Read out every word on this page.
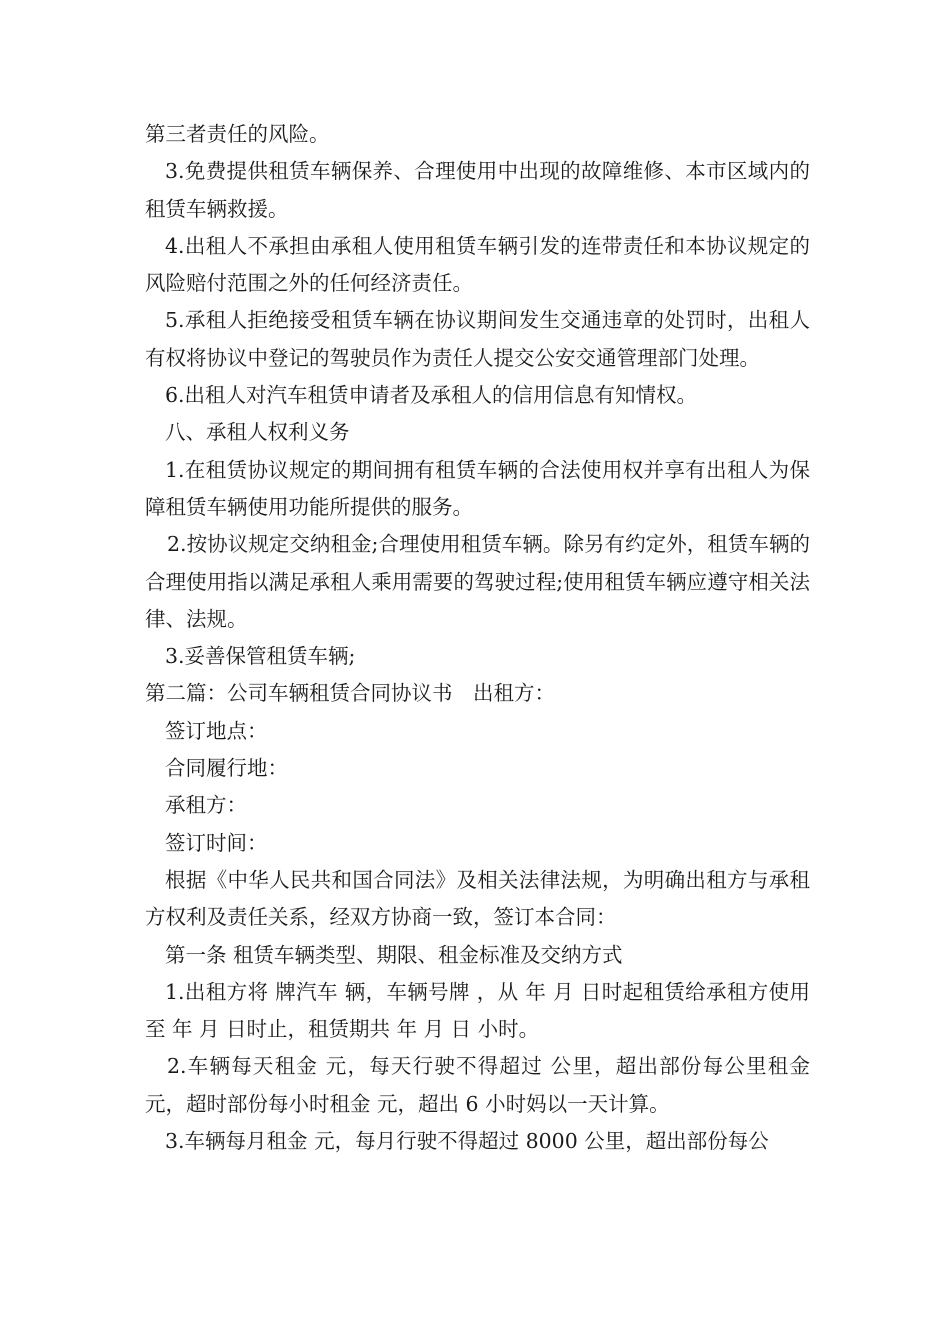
第三者责任的风险。

3.免费提供租赁车辆保养、合理使用中出现的故障维修、本市区域内的租赁车辆救援。

4.出租人不承担由承租人使用租赁车辆引发的连带责任和本协议规定的风险赔付范围之外的任何经济责任。

5.承租人拒绝接受租赁车辆在协议期间发生交通违章的处罚时，出租人有权将协议中登记的驾驶员作为责任人提交公安交通管理部门处理。

6.出租人对汽车租赁申请者及承租人的信用信息有知情权。

八、承租人权利义务

1.在租赁协议规定的期间拥有租赁车辆的合法使用权并享有出租人为保障租赁车辆使用功能所提供的服务。

2.按协议规定交纳租金;合理使用租赁车辆。除另有约定外，租赁车辆的合理使用指以满足承租人乘用需要的驾驶过程;使用租赁车辆应遵守相关法律、法规。

3.妥善保管租赁车辆;

第二篇：公司车辆租赁合同协议书　出租方：

签订地点：

合同履行地：

承租方：

签订时间：

根据《中华人民共和国合同法》及相关法律法规，为明确出租方与承租方权利及责任关系，经双方协商一致，签订本合同：

第一条 租赁车辆类型、期限、租金标准及交纳方式

1.出租方将 牌汽车 辆，车辆号牌 ，从 年 月 日时起租赁给承租方使用至 年 月 日时止，租赁期共 年 月 日 小时。

2.车辆每天租金 元，每天行驶不得超过 公里，超出部份每公里租金 元，超时部份每小时租金 元，超出 6 小时妈以一天计算。

3.车辆每月租金 元，每月行驶不得超过 8000 公里，超出部份每公
